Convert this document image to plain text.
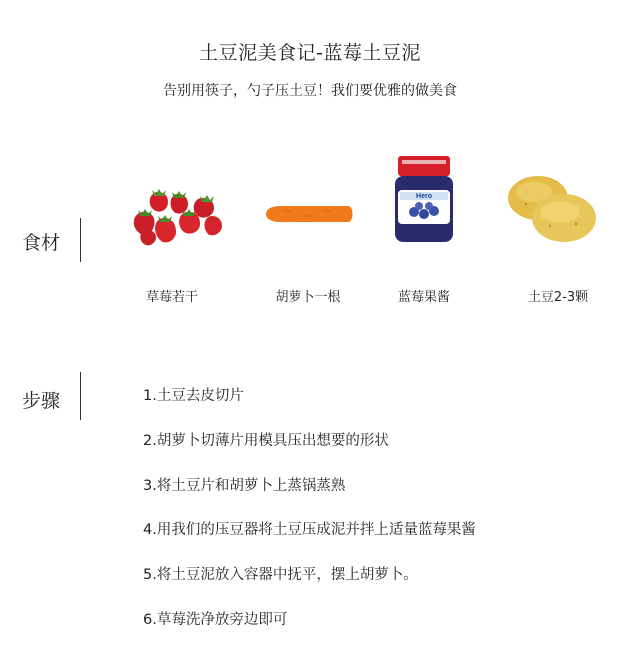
土豆泥美食记-蓝莓土豆泥
告别用筷子，勺子压土豆！我们要优雅的做美食
食材
草莓若干	胡萝卜一根
Hero
蓝莓果酱	土豆2-3颗
步骤	1.土豆去皮切片
2.胡萝卜切薄片用模具压出想要的形状
3.将土豆片和胡萝卜上蒸锅蒸熟
4.用我们的压豆器将土豆压成泥并拌上适量蓝莓果酱
5.将土豆泥放入容器中抚平，摆上胡萝卜。
6.草莓洗净放旁边即可
